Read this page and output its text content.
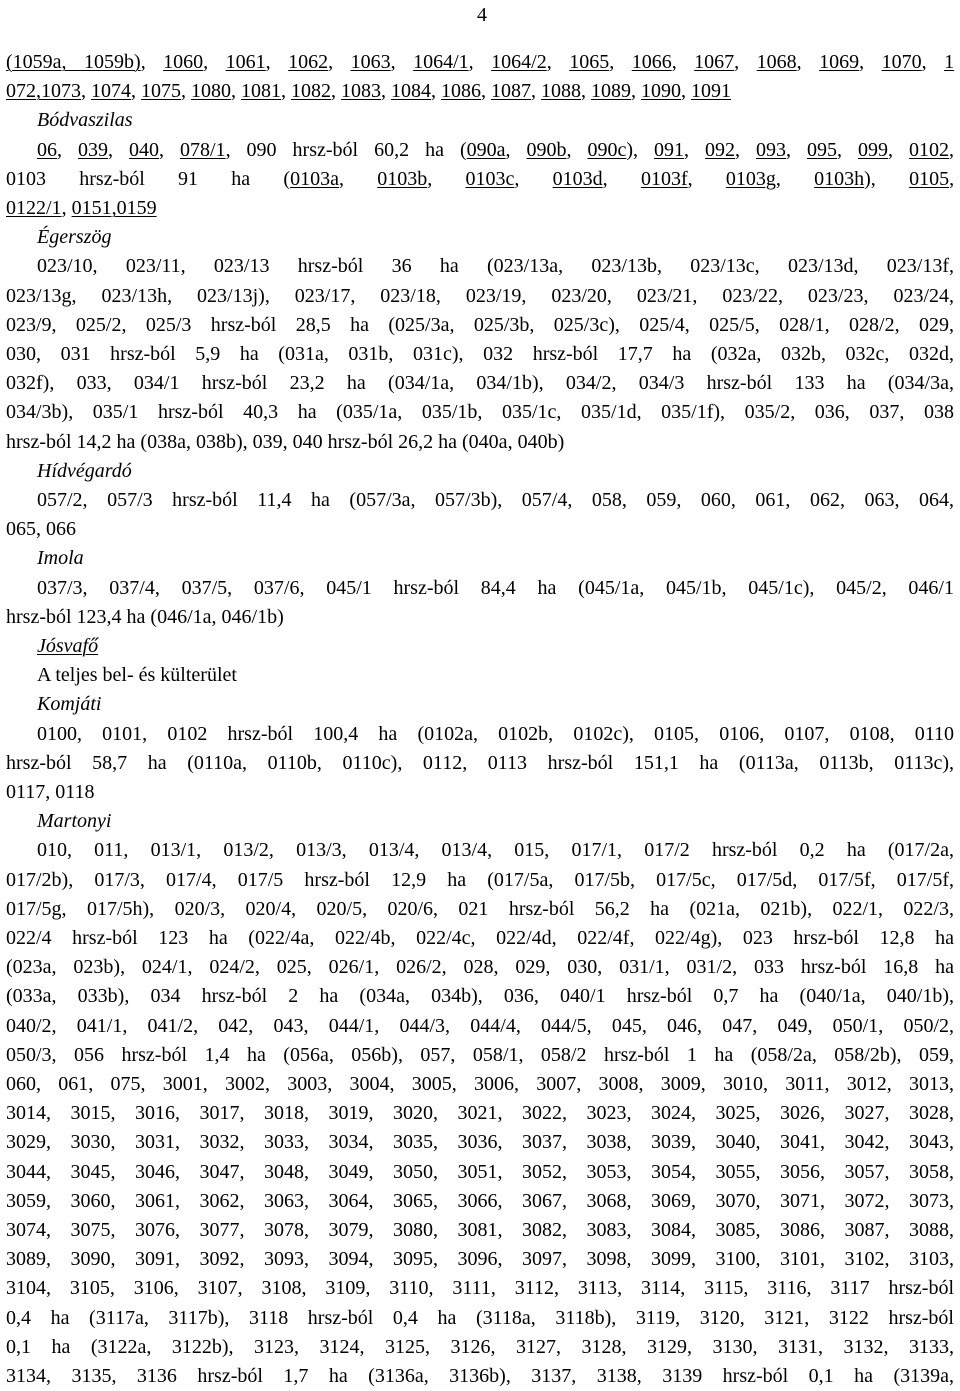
4
(1059a, 1059b), 1060, 1061, 1062, 1063, 1064/1, 1064/2, 1065, 1066, 1067, 1068, 1069, 1070, 1
072,1073, 1074, 1075, 1080, 1081, 1082, 1083, 1084, 1086, 1087, 1088, 1089, 1090, 1091
Bódvaszilas
06, 039, 040, 078/1, 090 hrsz-ból 60,2 ha (090a, 090b, 090c), 091, 092, 093, 095, 099, 0102,
0103 hrsz-ból 91 ha (0103a, 0103b, 0103c, 0103d, 0103f, 0103g, 0103h), 0105,
0122/1, 0151,0159
Égerszög
023/10, 023/11, 023/13 hrsz-ból 36 ha (023/13a, 023/13b, 023/13c, 023/13d, 023/13f,
023/13g, 023/13h, 023/13j), 023/17, 023/18, 023/19, 023/20, 023/21, 023/22, 023/23, 023/24,
023/9, 025/2, 025/3 hrsz-ból 28,5 ha (025/3a, 025/3b, 025/3c), 025/4, 025/5, 028/1, 028/2, 029,
030, 031 hrsz-ból 5,9 ha (031a, 031b, 031c), 032 hrsz-ból 17,7 ha (032a, 032b, 032c, 032d,
032f), 033, 034/1 hrsz-ból 23,2 ha (034/1a, 034/1b), 034/2, 034/3 hrsz-ból 133 ha (034/3a,
034/3b), 035/1 hrsz-ból 40,3 ha (035/1a, 035/1b, 035/1c, 035/1d, 035/1f), 035/2, 036, 037, 038
hrsz-ból 14,2 ha (038a, 038b), 039, 040 hrsz-ból 26,2 ha (040a, 040b)
Hídvégardó
057/2, 057/3 hrsz-ból 11,4 ha (057/3a, 057/3b), 057/4, 058, 059, 060, 061, 062, 063, 064,
065, 066
Imola
037/3, 037/4, 037/5, 037/6, 045/1 hrsz-ból 84,4 ha (045/1a, 045/1b, 045/1c), 045/2, 046/1
hrsz-ból 123,4 ha (046/1a, 046/1b)
Jósvafő
A teljes bel- és külterület
Komjáti
0100, 0101, 0102 hrsz-ból 100,4 ha (0102a, 0102b, 0102c), 0105, 0106, 0107, 0108, 0110
hrsz-ból 58,7 ha (0110a, 0110b, 0110c), 0112, 0113 hrsz-ból 151,1 ha (0113a, 0113b, 0113c),
0117, 0118
Martonyi
010, 011, 013/1, 013/2, 013/3, 013/4, 013/4, 015, 017/1, 017/2 hrsz-ból 0,2 ha (017/2a,
017/2b), 017/3, 017/4, 017/5 hrsz-ból 12,9 ha (017/5a, 017/5b, 017/5c, 017/5d, 017/5f, 017/5f,
017/5g, 017/5h), 020/3, 020/4, 020/5, 020/6, 021 hrsz-ból 56,2 ha (021a, 021b), 022/1, 022/3,
022/4 hrsz-ból 123 ha (022/4a, 022/4b, 022/4c, 022/4d, 022/4f, 022/4g), 023 hrsz-ból 12,8 ha
(023a, 023b), 024/1, 024/2, 025, 026/1, 026/2, 028, 029, 030, 031/1, 031/2, 033 hrsz-ból 16,8 ha
(033a, 033b), 034 hrsz-ból 2 ha (034a, 034b), 036, 040/1 hrsz-ból 0,7 ha (040/1a, 040/1b),
040/2, 041/1, 041/2, 042, 043, 044/1, 044/3, 044/4, 044/5, 045, 046, 047, 049, 050/1, 050/2,
050/3, 056 hrsz-ból 1,4 ha (056a, 056b), 057, 058/1, 058/2 hrsz-ból 1 ha (058/2a, 058/2b), 059,
060, 061, 075, 3001, 3002, 3003, 3004, 3005, 3006, 3007, 3008, 3009, 3010, 3011, 3012, 3013,
3014, 3015, 3016, 3017, 3018, 3019, 3020, 3021, 3022, 3023, 3024, 3025, 3026, 3027, 3028,
3029, 3030, 3031, 3032, 3033, 3034, 3035, 3036, 3037, 3038, 3039, 3040, 3041, 3042, 3043,
3044, 3045, 3046, 3047, 3048, 3049, 3050, 3051, 3052, 3053, 3054, 3055, 3056, 3057, 3058,
3059, 3060, 3061, 3062, 3063, 3064, 3065, 3066, 3067, 3068, 3069, 3070, 3071, 3072, 3073,
3074, 3075, 3076, 3077, 3078, 3079, 3080, 3081, 3082, 3083, 3084, 3085, 3086, 3087, 3088,
3089, 3090, 3091, 3092, 3093, 3094, 3095, 3096, 3097, 3098, 3099, 3100, 3101, 3102, 3103,
3104, 3105, 3106, 3107, 3108, 3109, 3110, 3111, 3112, 3113, 3114, 3115, 3116, 3117 hrsz-ból
0,4 ha (3117a, 3117b), 3118 hrsz-ból 0,4 ha (3118a, 3118b), 3119, 3120, 3121, 3122 hrsz-ból
0,1 ha (3122a, 3122b), 3123, 3124, 3125, 3126, 3127, 3128, 3129, 3130, 3131, 3132, 3133,
3134, 3135, 3136 hrsz-ból 1,7 ha (3136a, 3136b), 3137, 3138, 3139 hrsz-ból 0,1 ha (3139a,
